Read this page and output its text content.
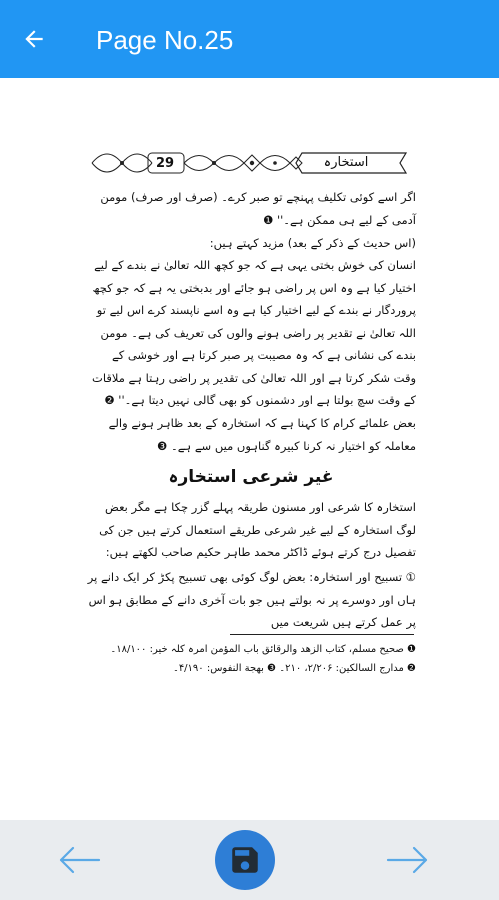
Page No.25
29	استخارہ
اگر اسے کوئی تکلیف پہنچے تو صبر کرے۔ (صرف اور صرف) مومن آدمی کے لیے ہی ممکن ہے۔'' ❶
(اس حدیث کے ذکر کے بعد) مزید کہتے ہیں:
انسان کی خوش بختی یہی ہے کہ جو کچھ اللہ تعالیٰ نے بندے کے لیے اختیار کیا ہے وہ اس پر راضی ہو جائے اور بدبختی یہ ہے کہ جو کچھ پروردگار نے بندے کے لیے اختیار کیا ہے وہ اسے ناپسند کرے اس لیے تو اللہ تعالیٰ نے تقدیر پر راضی ہونے والوں کی تعریف کی ہے۔ مومن بندے کی نشانی ہے کہ وہ مصیبت پر صبر کرتا ہے اور خوشی کے وقت شکر کرتا ہے اور اللہ تعالیٰ کی تقدیر پر راضی رہتا ہے ملاقات کے وقت سچ بولتا ہے اور دشمنوں کو بھی گالی نہیں دیتا ہے۔'' ❷
بعض علمائے کرام کا کہنا ہے کہ استخارہ کے بعد ظاہر ہونے والے معاملہ کو اختیار نہ کرنا کبیرہ گناہوں میں سے ہے۔ ❸
غیر شرعی استخارہ
استخارہ کا شرعی اور مسنون طریقہ پہلے گزر چکا ہے مگر بعض لوگ استخارہ کے لیے غیر شرعی طریقے استعمال کرتے ہیں جن کی تفصیل درج کرتے ہوئے ڈاکٹر محمد طاہر حکیم صاحب لکھتے ہیں:
① تسبیح اور استخارہ: بعض لوگ کوئی بھی تسبیح پکڑ کر ایک دانے پر ہاں اور دوسرے پر نہ بولتے ہیں جو بات آخری دانے کے مطابق ہو اس پر عمل کرتے ہیں شریعت میں
❶ صحیح مسلم، کتاب الزھد والرقائق باب المؤمن امرہ کلہ خیر: ۱۸/۱۰۰۔
❷ مدارج السالکین: ۲/۲۰۶، ۲۱۰۔ ❸ بهجة النفوس: ۴/۱۹۰۔
